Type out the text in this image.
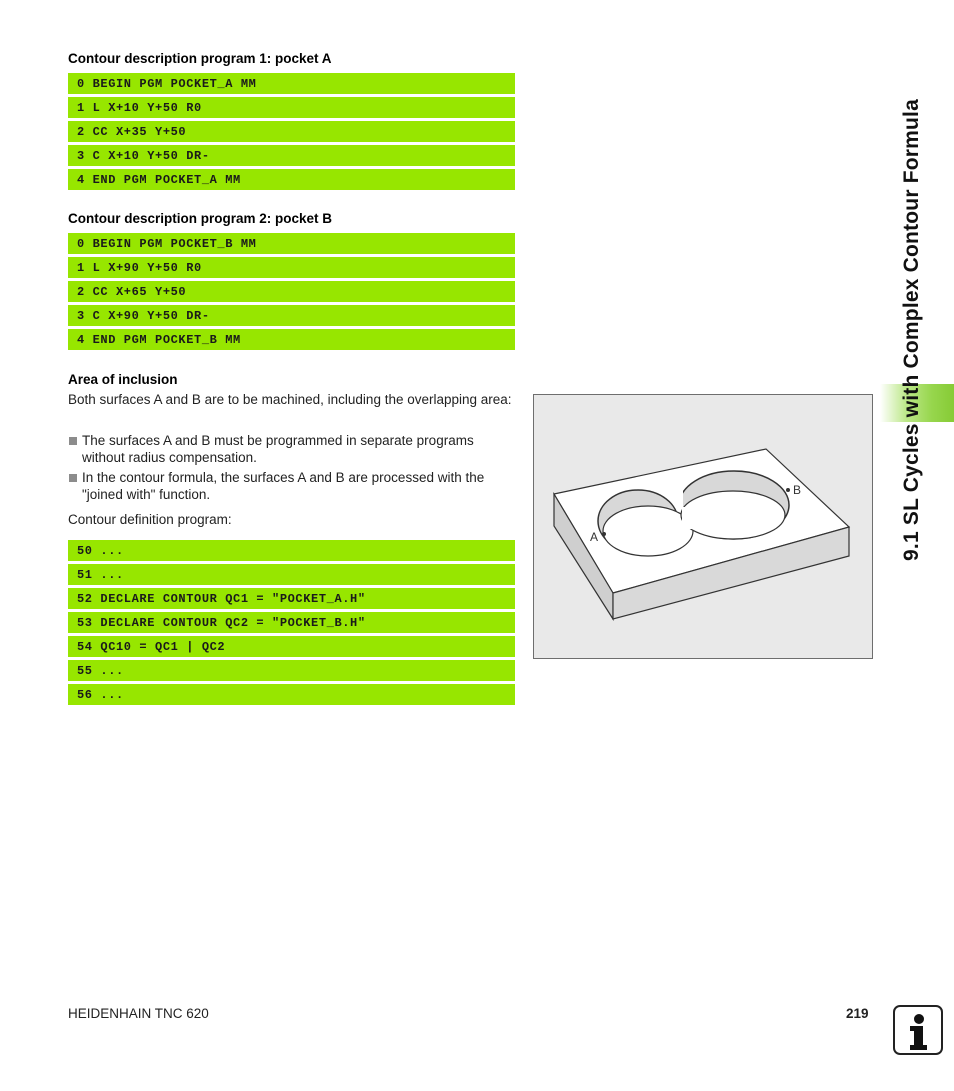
Contour description program 1: pocket A
0 BEGIN PGM POCKET_A MM
1 L X+10 Y+50 R0
2 CC X+35 Y+50
3 C X+10 Y+50 DR-
4 END PGM POCKET_A MM
Contour description program 2: pocket B
0 BEGIN PGM POCKET_B MM
1 L X+90 Y+50 R0
2 CC X+65 Y+50
3 C X+90 Y+50 DR-
4 END PGM POCKET_B MM
Area of inclusion
Both surfaces A and B are to be machined, including the overlapping area:
The surfaces A and B must be programmed in separate programs without radius compensation.
In the contour formula, the surfaces A and B are processed with the "joined with" function.
Contour definition program:
50 ...
51 ...
52 DECLARE CONTOUR QC1 = "POCKET_A.H"
53 DECLARE CONTOUR QC2 = "POCKET_B.H"
54 QC10 = QC1 | QC2
55 ...
56 ...
B
A	9.1 SL Cycles with Complex Contour Formula
HEIDENHAIN TNC 620	219
